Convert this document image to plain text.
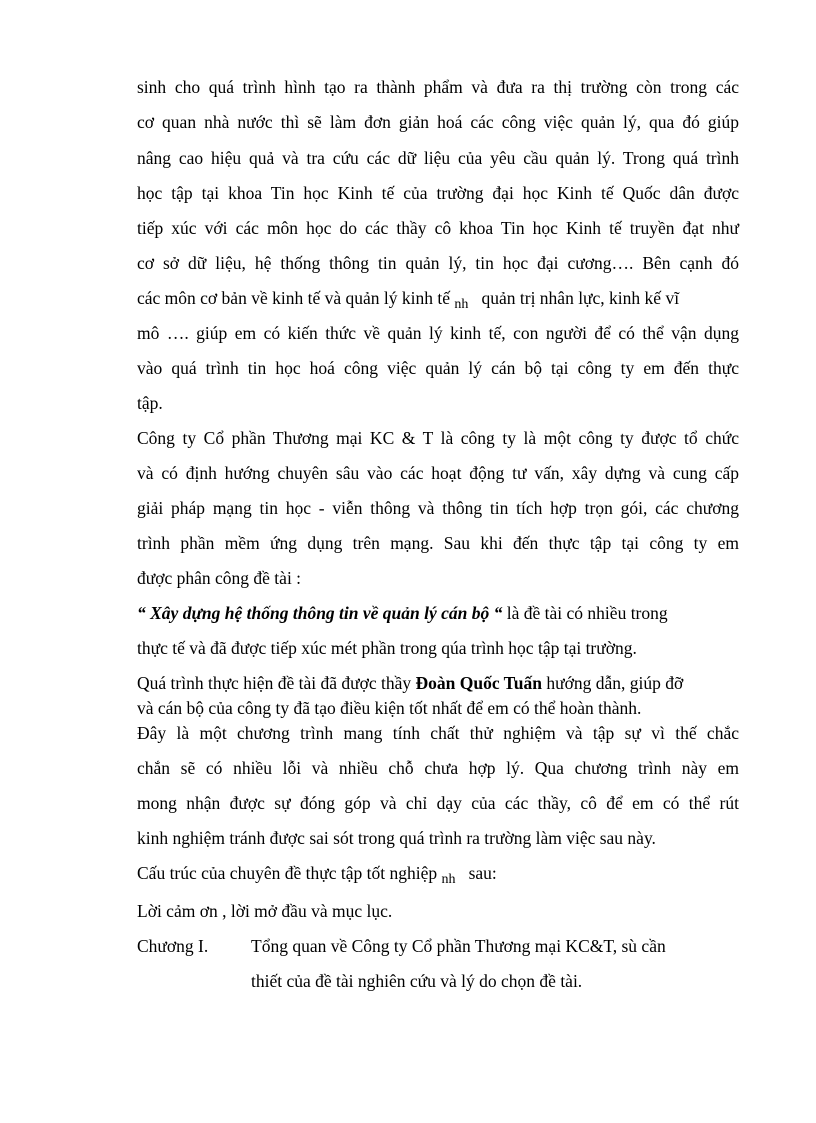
sinh cho quá trình hình tạo ra thành phẩm và đưa ra thị trường còn trong các
cơ quan nhà nước thì sẽ làm đơn giản hoá các công việc quản lý, qua đó giúp
nâng cao hiệu quả và tra cứu các dữ liệu của yêu cầu quản lý. Trong quá trình
học tập tại khoa Tin học Kinh tế của trường đại học Kinh tế Quốc dân được
tiếp xúc với các môn học do các thầy cô khoa Tin học Kinh tế truyền đạt như
cơ sở dữ liệu, hệ thống thông tin quản lý, tin học đại cương…. Bên cạnh đó
các môn cơ bản về kinh tế và quản lý kinh tế $_{nh}$ quản trị nhân lực, kinh kế vĩ
mô …. giúp em có kiến thức về quản lý kinh tế, con người để có thể vận dụng
vào quá trình tin học hoá công việc quản lý cán bộ tại công ty em đến thực
tập.
Công ty Cổ phần Thương mại KC & T là công ty là một công ty được tổ chức
và có định hướng chuyên sâu vào các hoạt động tư vấn, xây dựng và cung cấp
giải pháp mạng tin học - viễn thông và thông tin tích hợp trọn gói, các chương
trình phần mềm ứng dụng trên mạng. Sau khi đến thực tập tại công ty em
được phân công đề tài :
“ Xây dựng hệ thống thông tin về quản lý cán bộ “ là đề tài có nhiều trong
thực tế và đã được tiếp xúc mét phần trong qúa trình học tập tại trường.
Quá trình thực hiện đề tài đã được thầy Đoàn Quốc Tuấn hướng dẫn, giúp đỡ
và cán bộ của công ty đã tạo điều kiện tốt nhất để em có thể hoàn thành.
Đây là một chương trình mang tính chất thử nghiệm và tập sự vì thế chắc
chắn sẽ có nhiều lỗi và nhiều chỗ chưa hợp lý. Qua chương trình này em
mong nhận được sự đóng góp và chỉ dạy của các thầy, cô để em có thể rút
kinh nghiệm tránh được sai sót trong quá trình ra trường làm việc sau này.
Cấu trúc của chuyên đề thực tập tốt nghiệp $_{nh}$ sau:
Lời cảm ơn , lời mở đầu và mục lục.
Chương I. Tổng quan về Công ty Cổ phần Thương mại KC&T, sù cần
thiết của đề tài nghiên cứu và lý do chọn đề tài.
